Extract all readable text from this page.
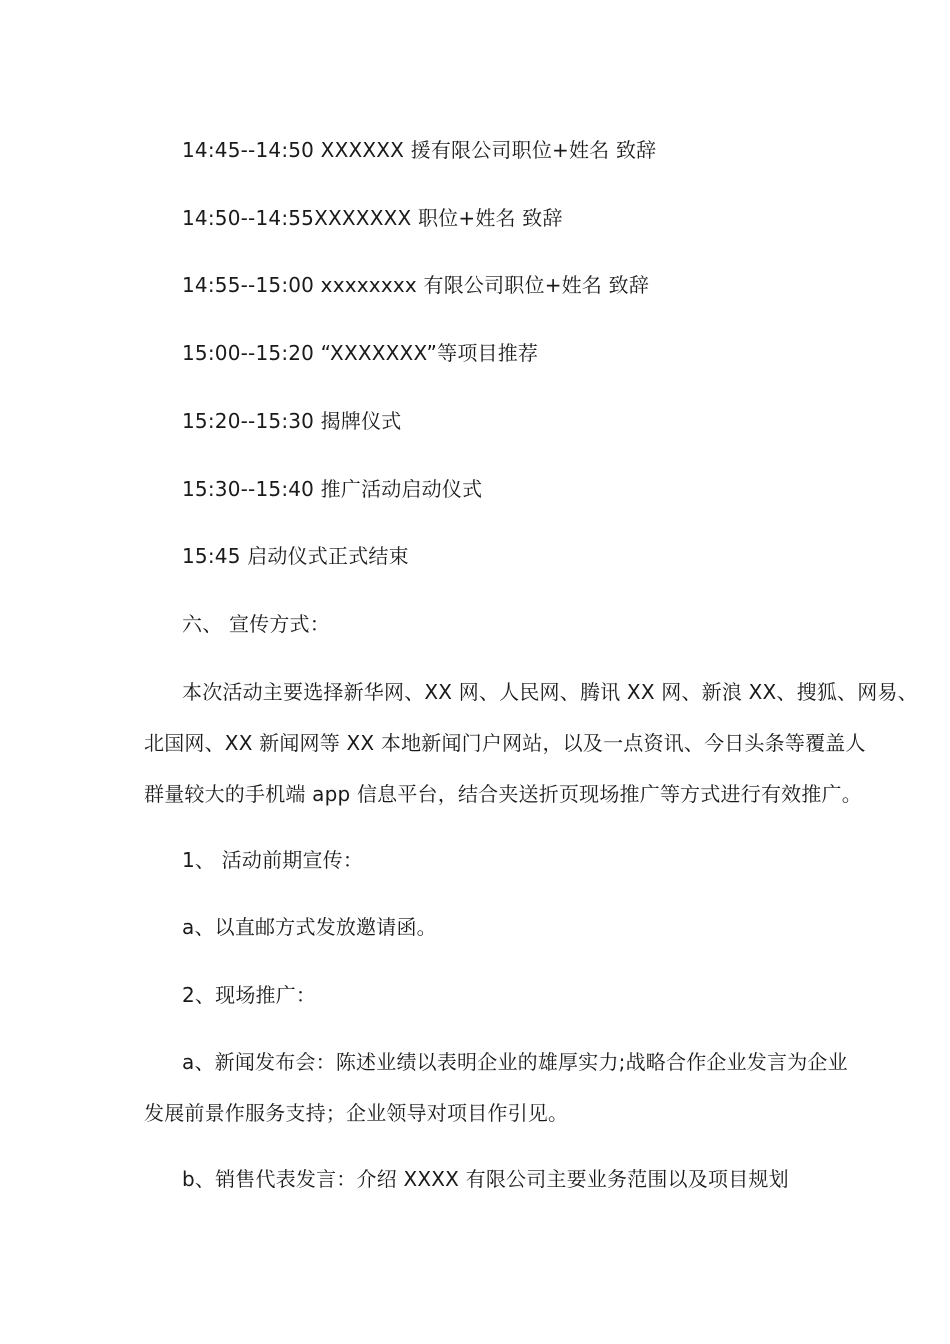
14:45--14:50 XXXXXX 援有限公司职位+姓名 致辞
14:50--14:55XXXXXXX 职位+姓名 致辞
14:55--15:00 xxxxxxxx 有限公司职位+姓名 致辞
15:00--15:20 “XXXXXXX”等项目推荐
15:20--15:30 揭牌仪式
15:30--15:40 推广活动启动仪式
15:45 启动仪式正式结束
六、 宣传方式：
本次活动主要选择新华网、XX 网、人民网、腾讯 XX 网、新浪 XX、搜狐、网易、
北国网、XX 新闻网等 XX 本地新闻门户网站，以及一点资讯、今日头条等覆盖人
群量较大的手机端 app 信息平台，结合夹送折页现场推广等方式进行有效推广。
1、 活动前期宣传：
a、以直邮方式发放邀请函。
2、现场推广：
a、新闻发布会：陈述业绩以表明企业的雄厚实力;战略合作企业发言为企业
发展前景作服务支持；企业领导对项目作引见。
b、销售代表发言：介绍 XXXX 有限公司主要业务范围以及项目规划
